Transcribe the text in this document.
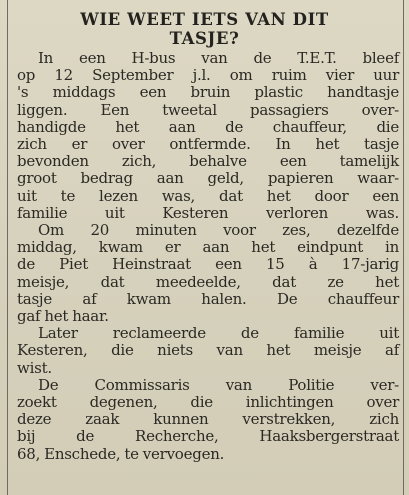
WIE WEET IETS VAN DIT
TASJE?

In een H-bus van de T.E.T. bleef
op 12 September j.l. om ruim vier uur
's middags een bruin plastic handtasje
liggen. Een tweetal passagiers over-
handigde het aan de chauffeur, die
zich er over ontfermde. In het tasje
bevonden zich, behalve een tamelijk
groot bedrag aan geld, papieren waar-
uit te lezen was, dat het door een
familie uit Kesteren verloren was.

Om 20 minuten voor zes, dezelfde
middag, kwam er aan het eindpunt in
de Piet Heinstraat een 15 à 17-jarig
meisje, dat meedeelde, dat ze het
tasje af kwam halen. De chauffeur
gaf het haar.

Later reclameerde de familie uit
Kesteren, die niets van het meisje af
wist.

De Commissaris van Politie ver-
zoekt degenen, die inlichtingen over
deze zaak kunnen verstrekken, zich
bij de Recherche, Haaksbergerstraat
68, Enschede, te vervoegen.
